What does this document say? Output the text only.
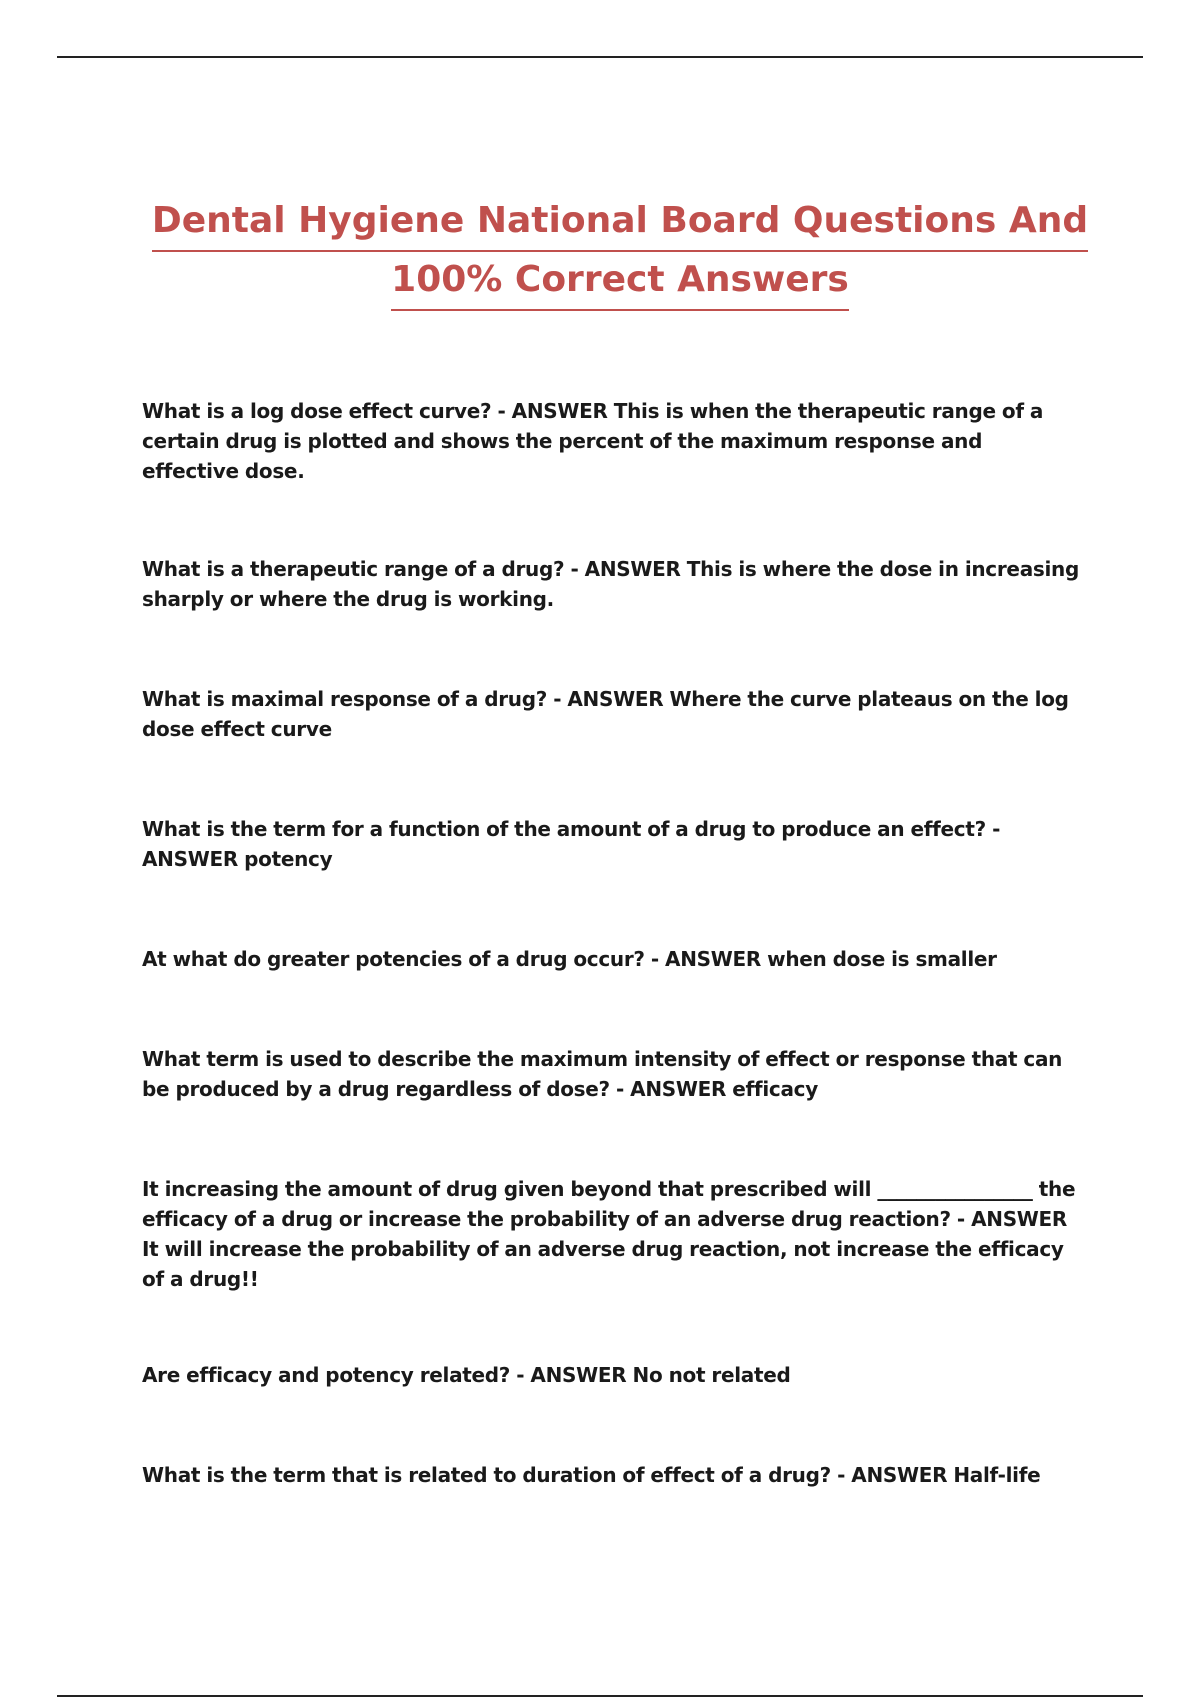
Dental Hygiene National Board Questions And
100% Correct Answers

What is a log dose effect curve? - ANSWER This is when the therapeutic range of a certain drug is plotted and shows the percent of the maximum response and effective dose.

What is a therapeutic range of a drug? - ANSWER This is where the dose in increasing sharply or where the drug is working.

What is maximal response of a drug? - ANSWER Where the curve plateaus on the log dose effect curve

What is the term for a function of the amount of a drug to produce an effect? - ANSWER potency

At what do greater potencies of a drug occur? - ANSWER when dose is smaller

What term is used to describe the maximum intensity of effect or response that can be produced by a drug regardless of dose? - ANSWER efficacy

It increasing the amount of drug given beyond that prescribed will ________________ the efficacy of a drug or increase the probability of an adverse drug reaction? - ANSWER It will increase the probability of an adverse drug reaction, not increase the efficacy of a drug!!

Are efficacy and potency related? - ANSWER No not related

What is the term that is related to duration of effect of a drug? - ANSWER Half-life
